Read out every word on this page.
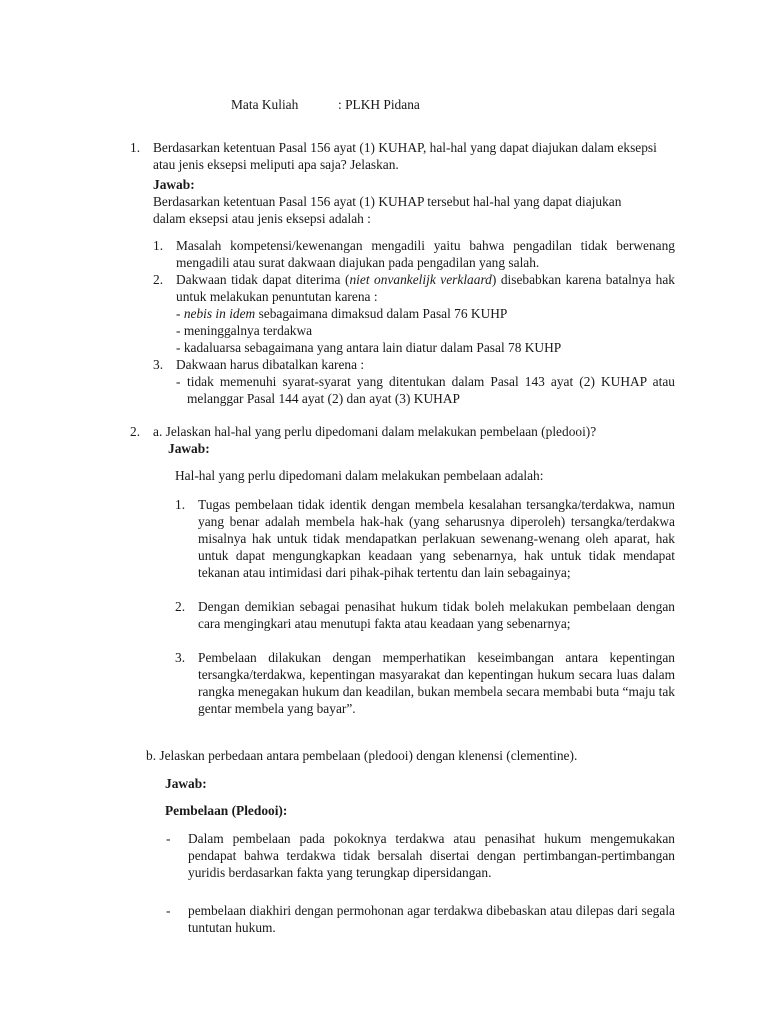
Mata Kuliah	: PLKH Pidana
1. Berdasarkan ketentuan Pasal 156 ayat (1) KUHAP, hal-hal yang dapat diajukan dalam eksepsi atau jenis eksepsi meliputi apa saja? Jelaskan.
Jawab:
Berdasarkan ketentuan Pasal 156 ayat (1) KUHAP tersebut hal-hal yang dapat diajukan dalam eksepsi atau jenis eksepsi adalah :
1. Masalah kompetensi/kewenangan mengadili yaitu bahwa pengadilan tidak berwenang mengadili atau surat dakwaan diajukan pada pengadilan yang salah.
2. Dakwaan tidak dapat diterima (niet onvankelijk verklaard) disebabkan karena batalnya hak untuk melakukan penuntutan karena :
- nebis in idem sebagaimana dimaksud dalam Pasal 76 KUHP
- meninggalnya terdakwa
- kadaluarsa sebagaimana yang antara lain diatur dalam Pasal 78 KUHP
3. Dakwaan harus dibatalkan karena :
- tidak memenuhi syarat-syarat yang ditentukan dalam Pasal 143 ayat (2) KUHAP atau melanggar Pasal 144 ayat (2) dan ayat (3) KUHAP
2. a. Jelaskan hal-hal yang perlu dipedomani dalam melakukan pembelaan (pledooi)?
Jawab:
Hal-hal yang perlu dipedomani dalam melakukan pembelaan adalah:
1. Tugas pembelaan tidak identik dengan membela kesalahan tersangka/terdakwa, namun yang benar adalah membela hak-hak (yang seharusnya diperoleh) tersangka/terdakwa misalnya hak untuk tidak mendapatkan perlakuan sewenang-wenang oleh aparat, hak untuk dapat mengungkapkan keadaan yang sebenarnya, hak untuk tidak mendapat tekanan atau intimidasi dari pihak-pihak tertentu dan lain sebagainya;
2. Dengan demikian sebagai penasihat hukum tidak boleh melakukan pembelaan dengan cara mengingkari atau menutupi fakta atau keadaan yang sebenarnya;
3. Pembelaan dilakukan dengan memperhatikan keseimbangan antara kepentingan tersangka/terdakwa, kepentingan masyarakat dan kepentingan hukum secara luas dalam rangka menegakan hukum dan keadilan, bukan membela secara membabi buta “maju tak gentar membela yang bayar”.
b. Jelaskan perbedaan antara pembelaan (pledooi) dengan klenensi (clementine).
Jawab:
Pembelaan (Pledooi):
- Dalam pembelaan pada pokoknya terdakwa atau penasihat hukum mengemukakan pendapat bahwa terdakwa tidak bersalah disertai dengan pertimbangan-pertimbangan yuridis berdasarkan fakta yang terungkap dipersidangan.
- pembelaan diakhiri dengan permohonan agar terdakwa dibebaskan atau dilepas dari segala tuntutan hukum.
